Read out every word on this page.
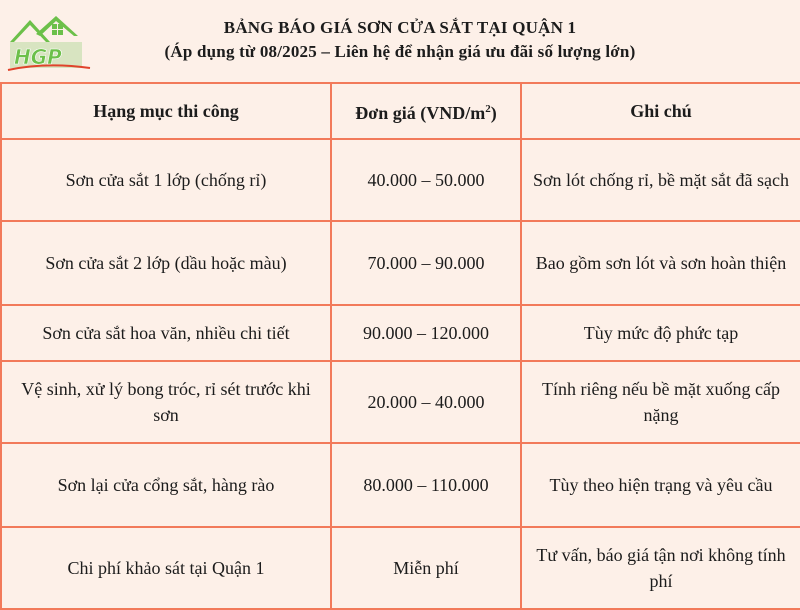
HGP
BẢNG BÁO GIÁ SƠN CỬA SẮT TẠI QUẬN 1
(Áp dụng từ 08/2025 – Liên hệ để nhận giá ưu đãi số lượng lớn)
Hạng mục thi công	Đơn giá $(VND/m^2)$	Ghi chú
Sơn cửa sắt 1 lớp (chống rỉ)	40.000 – 50.000	Sơn lót chống rỉ, bề mặt sắt đã sạch
Sơn cửa sắt 2 lớp (dầu hoặc màu)	70.000 – 90.000	Bao gồm sơn lót và sơn hoàn thiện
Sơn cửa sắt hoa văn, nhiều chi tiết	90.000 – 120.000	Tùy mức độ phức tạp
Vệ sinh, xử lý bong tróc, rỉ sét trước khi sơn	20.000 – 40.000	Tính riêng nếu bề mặt xuống cấp nặng
Sơn lại cửa cổng sắt, hàng rào	80.000 – 110.000	Tùy theo hiện trạng và yêu cầu
Chi phí khảo sát tại Quận 1	Miễn phí	Tư vấn, báo giá tận nơi không tính phí
